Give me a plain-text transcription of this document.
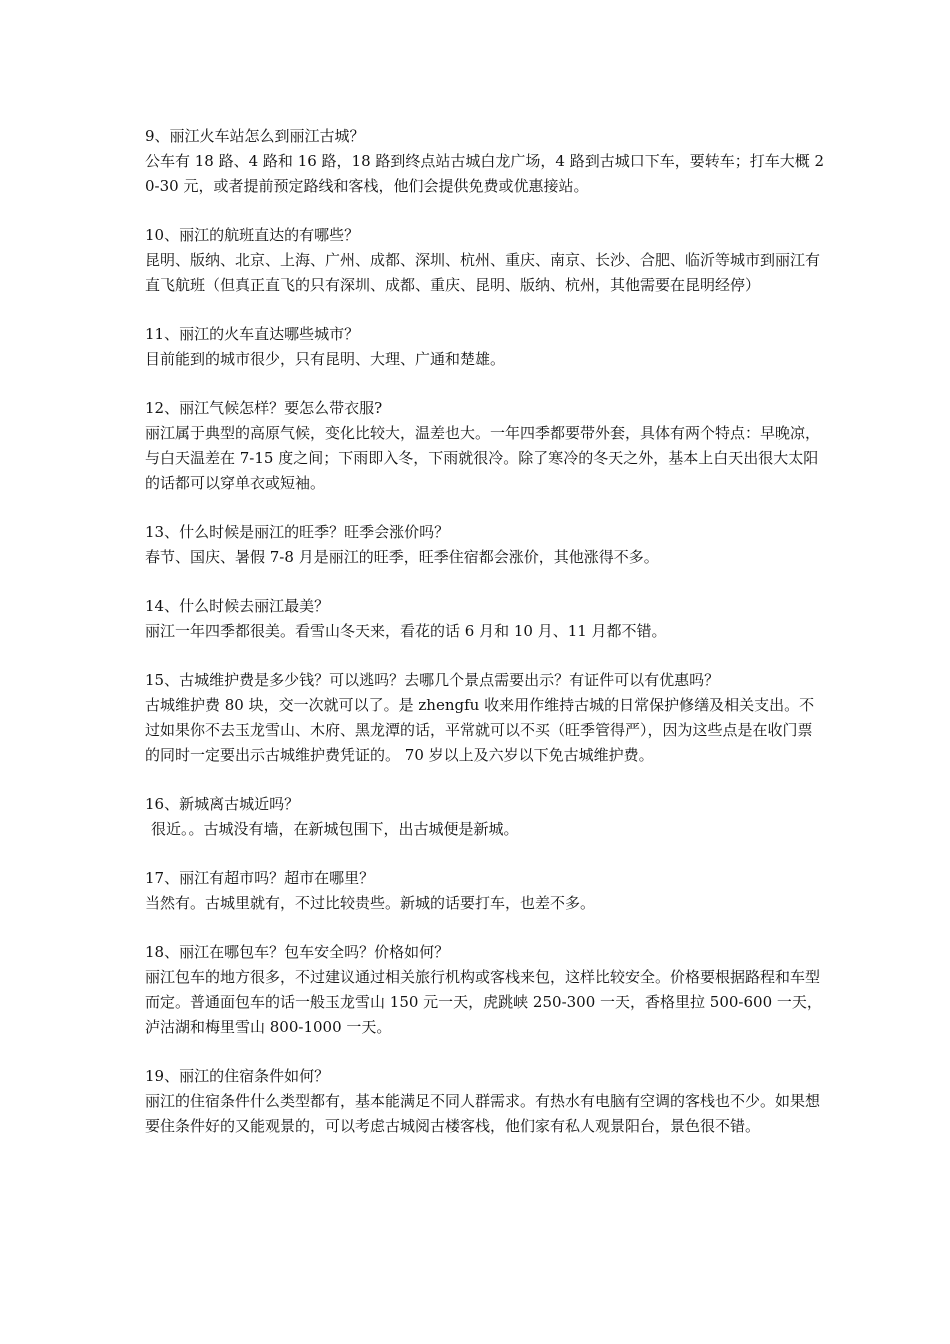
9、丽江火车站怎么到丽江古城？

公车有 18 路、4 路和 16 路，18 路到终点站古城白龙广场，4 路到古城口下车，要转车；打车大概 20-30 元，或者提前预定路线和客栈，他们会提供免费或优惠接站。

10、丽江的航班直达的有哪些？

昆明、版纳、北京、上海、广州、成都、深圳、杭州、重庆、南京、长沙、合肥、临沂等城市到丽江有直飞航班（但真正直飞的只有深圳、成都、重庆、昆明、版纳、杭州，其他需要在昆明经停）

11、丽江的火车直达哪些城市？

目前能到的城市很少，只有昆明、大理、广通和楚雄。

12、丽江气候怎样？要怎么带衣服?

丽江属于典型的高原气候，变化比较大，温差也大。一年四季都要带外套，具体有两个特点：早晚凉，与白天温差在 7-15 度之间；下雨即入冬，下雨就很冷。除了寒冷的冬天之外，基本上白天出很大太阳的话都可以穿单衣或短袖。

13、什么时候是丽江的旺季？旺季会涨价吗？

春节、国庆、暑假 7-8 月是丽江的旺季，旺季住宿都会涨价，其他涨得不多。

14、什么时候去丽江最美？

丽江一年四季都很美。看雪山冬天来，看花的话 6 月和 10 月、11 月都不错。

15、古城维护费是多少钱？可以逃吗？去哪几个景点需要出示？有证件可以有优惠吗？

古城维护费 80 块，交一次就可以了。是 zhengfu 收来用作维持古城的日常保护修缮及相关支出。不过如果你不去玉龙雪山、木府、黑龙潭的话，平常就可以不买（旺季管得严），因为这些点是在收门票的同时一定要出示古城维护费凭证的。 70 岁以上及六岁以下免古城维护费。

16、新城离古城近吗？

很近。。古城没有墙，在新城包围下，出古城便是新城。

17、丽江有超市吗？超市在哪里？

当然有。古城里就有，不过比较贵些。新城的话要打车，也差不多。

18、丽江在哪包车？包车安全吗？价格如何？

丽江包车的地方很多，不过建议通过相关旅行机构或客栈来包，这样比较安全。价格要根据路程和车型而定。普通面包车的话一般玉龙雪山 150 元一天，虎跳峡 250-300 一天，香格里拉 500-600 一天，泸沽湖和梅里雪山 800-1000 一天。

19、丽江的住宿条件如何？

丽江的住宿条件什么类型都有，基本能满足不同人群需求。有热水有电脑有空调的客栈也不少。如果想要住条件好的又能观景的，可以考虑古城阅古楼客栈，他们家有私人观景阳台，景色很不错。
